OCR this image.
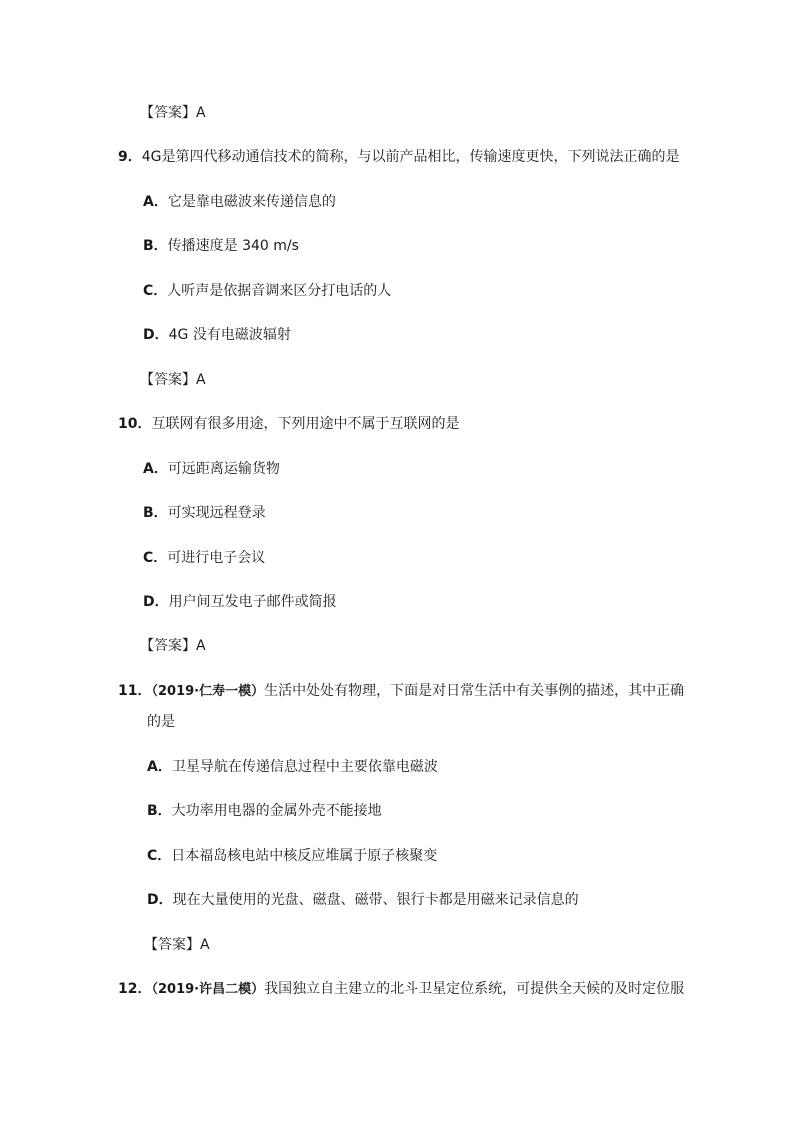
【答案】A
9．4G是第四代移动通信技术的简称，与以前产品相比，传输速度更快，下列说法正确的是
A．它是靠电磁波来传递信息的
B．传播速度是 340 m/s
C．人听声是依据音调来区分打电话的人
D．4G 没有电磁波辐射
【答案】A
10．互联网有很多用途，下列用途中不属于互联网的是
A．可远距离运输货物
B．可实现远程登录
C．可进行电子会议
D．用户间互发电子邮件或简报
【答案】A
11．（2019·仁寿一模）生活中处处有物理，下面是对日常生活中有关事例的描述，其中正确
的是
A．卫星导航在传递信息过程中主要依靠电磁波
B．大功率用电器的金属外壳不能接地
C．日本福岛核电站中核反应堆属于原子核聚变
D．现在大量使用的光盘、磁盘、磁带、银行卡都是用磁来记录信息的
【答案】A
12．（2019·许昌二模）我国独立自主建立的北斗卫星定位系统，可提供全天候的及时定位服
